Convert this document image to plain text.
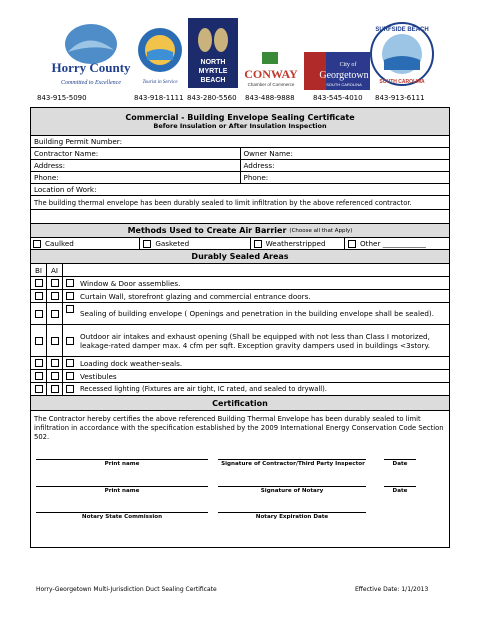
Horry County
Committed to Excellence	Tourist in Service
NORTH
MYRTLE
BEACH CONWAY
Chamber of Commerce
City of
Georgetown
SOUTH CAROLINA
SURFSIDE BEACH
SOUTH CAROLINA
843-915-5090	843-918-1111 843-280-5560 843-488-9888	843-545-4010 843-913-6111
Commercial - Building Envelope Sealing Certificate
Before Insulation or After Insulation Inspection
Building Permit Number:
Contractor Name:	Owner Name:
Address:	Address:
Phone:	Phone:
Location of Work:
The building thermal envelope has been durably sealed to limit infiltration by the above referenced contractor.
Methods Used to Create Air Barrier (Choose all that Apply)
Caulked	Gasketed	Weatherstripped	Other ____________
Durably Sealed Areas
BI	AI
Window & Door assemblies.
Curtain Wall, storefront glazing and commercial entrance doors.
Sealing of building envelope ( Openings and penetration in the building envelope shall be sealed).
Outdoor air intakes and exhaust opening (Shall be equipped with not less than Class I motorized, leakage-rated damper max. 4 cfm per sqft. Exception gravity dampers used in buildings <3story.
Loading dock weather-seals.
Vestibules
Recessed lighting (Fixtures are air tight, IC rated, and sealed to drywall).
Certification
The Contractor hereby certifies the above referenced Building Thermal Envelope has been durably sealed to limit infiltration in accordance with the specification established by the 2009 International Energy Conservation Code Section 502.
Print name	Signature of Contractor/Third Party Inspector	Date
Print name	Signature of Notary	Date
Notary State Commission	Notary Expiration Date
Horry-Georgetown Multi-Jurisdiction Duct Sealing Certificate	Effective Date: 1/1/2013
